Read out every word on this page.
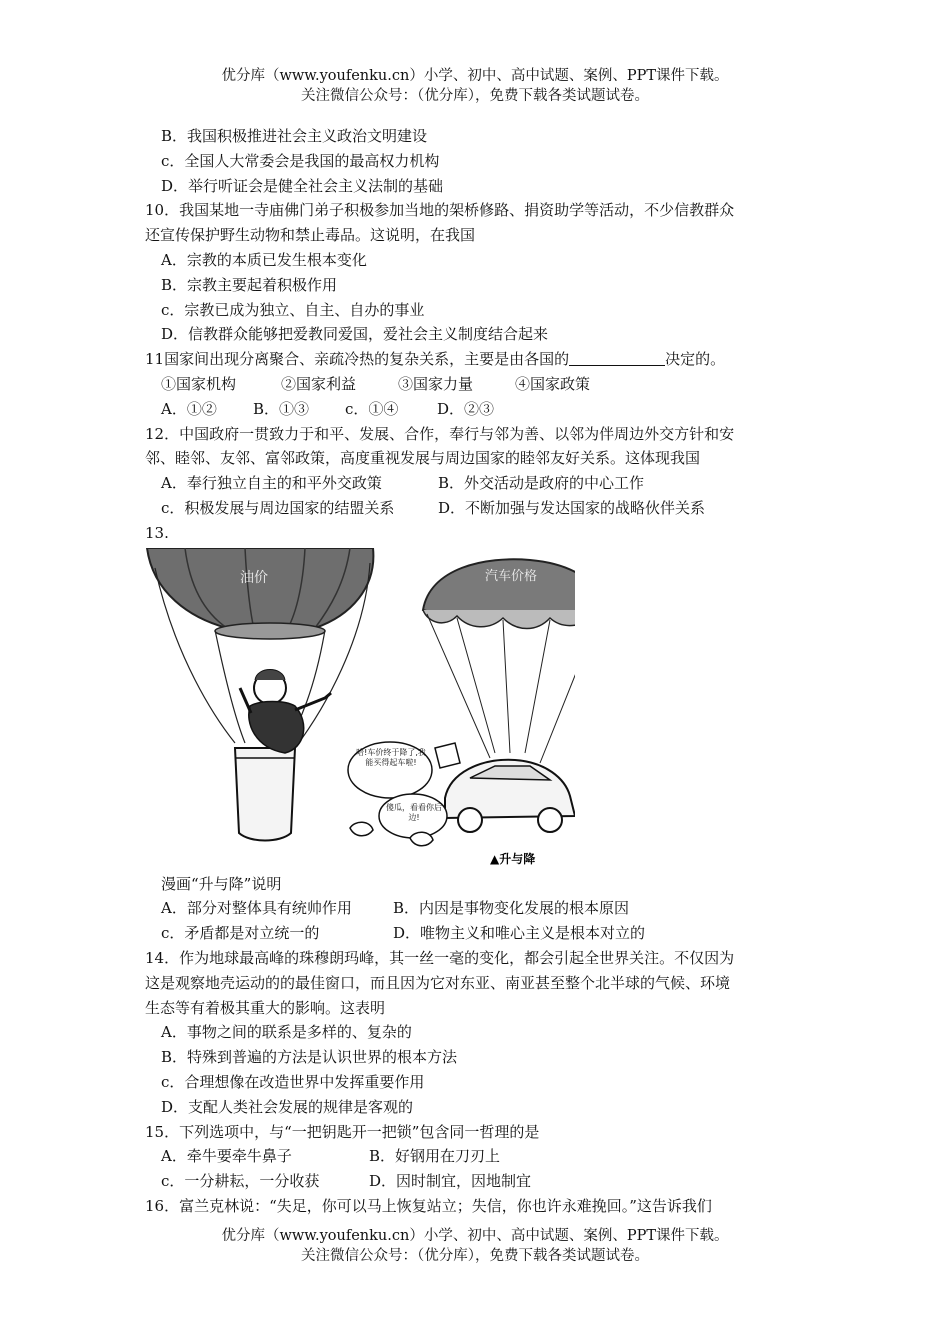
优分库（www.youfenku.cn）小学、初中、高中试题、案例、PPT课件下载。
关注微信公众号：（优分库），免费下载各类试题试卷。
B．我国积极推进社会主义政治文明建设
c．全国人大常委会是我国的最高权力机构
D．举行听证会是健全社会主义法制的基础
10．我国某地一寺庙佛门弟子积极参加当地的架桥修路、捐资助学等活动，不少信教群众
还宣传保护野生动物和禁止毒品。这说明，在我国
A．宗教的本质已发生根本变化
B．宗教主要起着积极作用
c．宗教已成为独立、自主、自办的事业
D．信教群众能够把爱教同爱国，爱社会主义制度结合起来
11国家间出现分离聚合、亲疏冷热的复杂关系，主要是由各国的	决定的。
①国家机构	②国家利益	③国家力量	④国家政策
A．①② B．①③ c．①④	D．②③
12．中国政府一贯致力于和平、发展、合作，奉行与邻为善、以邻为伴周边外交方针和安
邻、睦邻、友邻、富邻政策，高度重视发展与周边国家的睦邻友好关系。这体现我国
A．奉行独立自主的和平外交政策	B．外交活动是政府的中心工作
c．积极发展与周边国家的结盟关系	D．不断加强与发达国家的战略伙伴关系
13.
油价	汽车价格
哈!车价终于降了,我能买得起车啦!
傻瓜，看看你后边!
▲升与降
漫画“升与降”说明
A．部分对整体具有统帅作用	B．内因是事物变化发展的根本原因
c．矛盾都是对立统一的	D．唯物主义和唯心主义是根本对立的
14．作为地球最高峰的珠穆朗玛峰，其一丝一毫的变化，都会引起全世界关注。不仅因为
这是观察地壳运动的的最佳窗口，而且因为它对东亚、南亚甚至整个北半球的气候、环境
生态等有着极其重大的影响。这表明
A．事物之间的联系是多样的、复杂的
B．特殊到普遍的方法是认识世界的根本方法
c．合理想像在改造世界中发挥重要作用
D．支配人类社会发展的规律是客观的
15．下列选项中，与“一把钥匙开一把锁”包含同一哲理的是
A．牵牛要牵牛鼻子	B．好钢用在刀刃上
c．一分耕耘，一分收获	D．因时制宜，因地制宜
16．富兰克林说：“失足，你可以马上恢复站立；失信，你也许永难挽回。”这告诉我们
优分库（www.youfenku.cn）小学、初中、高中试题、案例、PPT课件下载。
关注微信公众号：（优分库），免费下载各类试题试卷。
